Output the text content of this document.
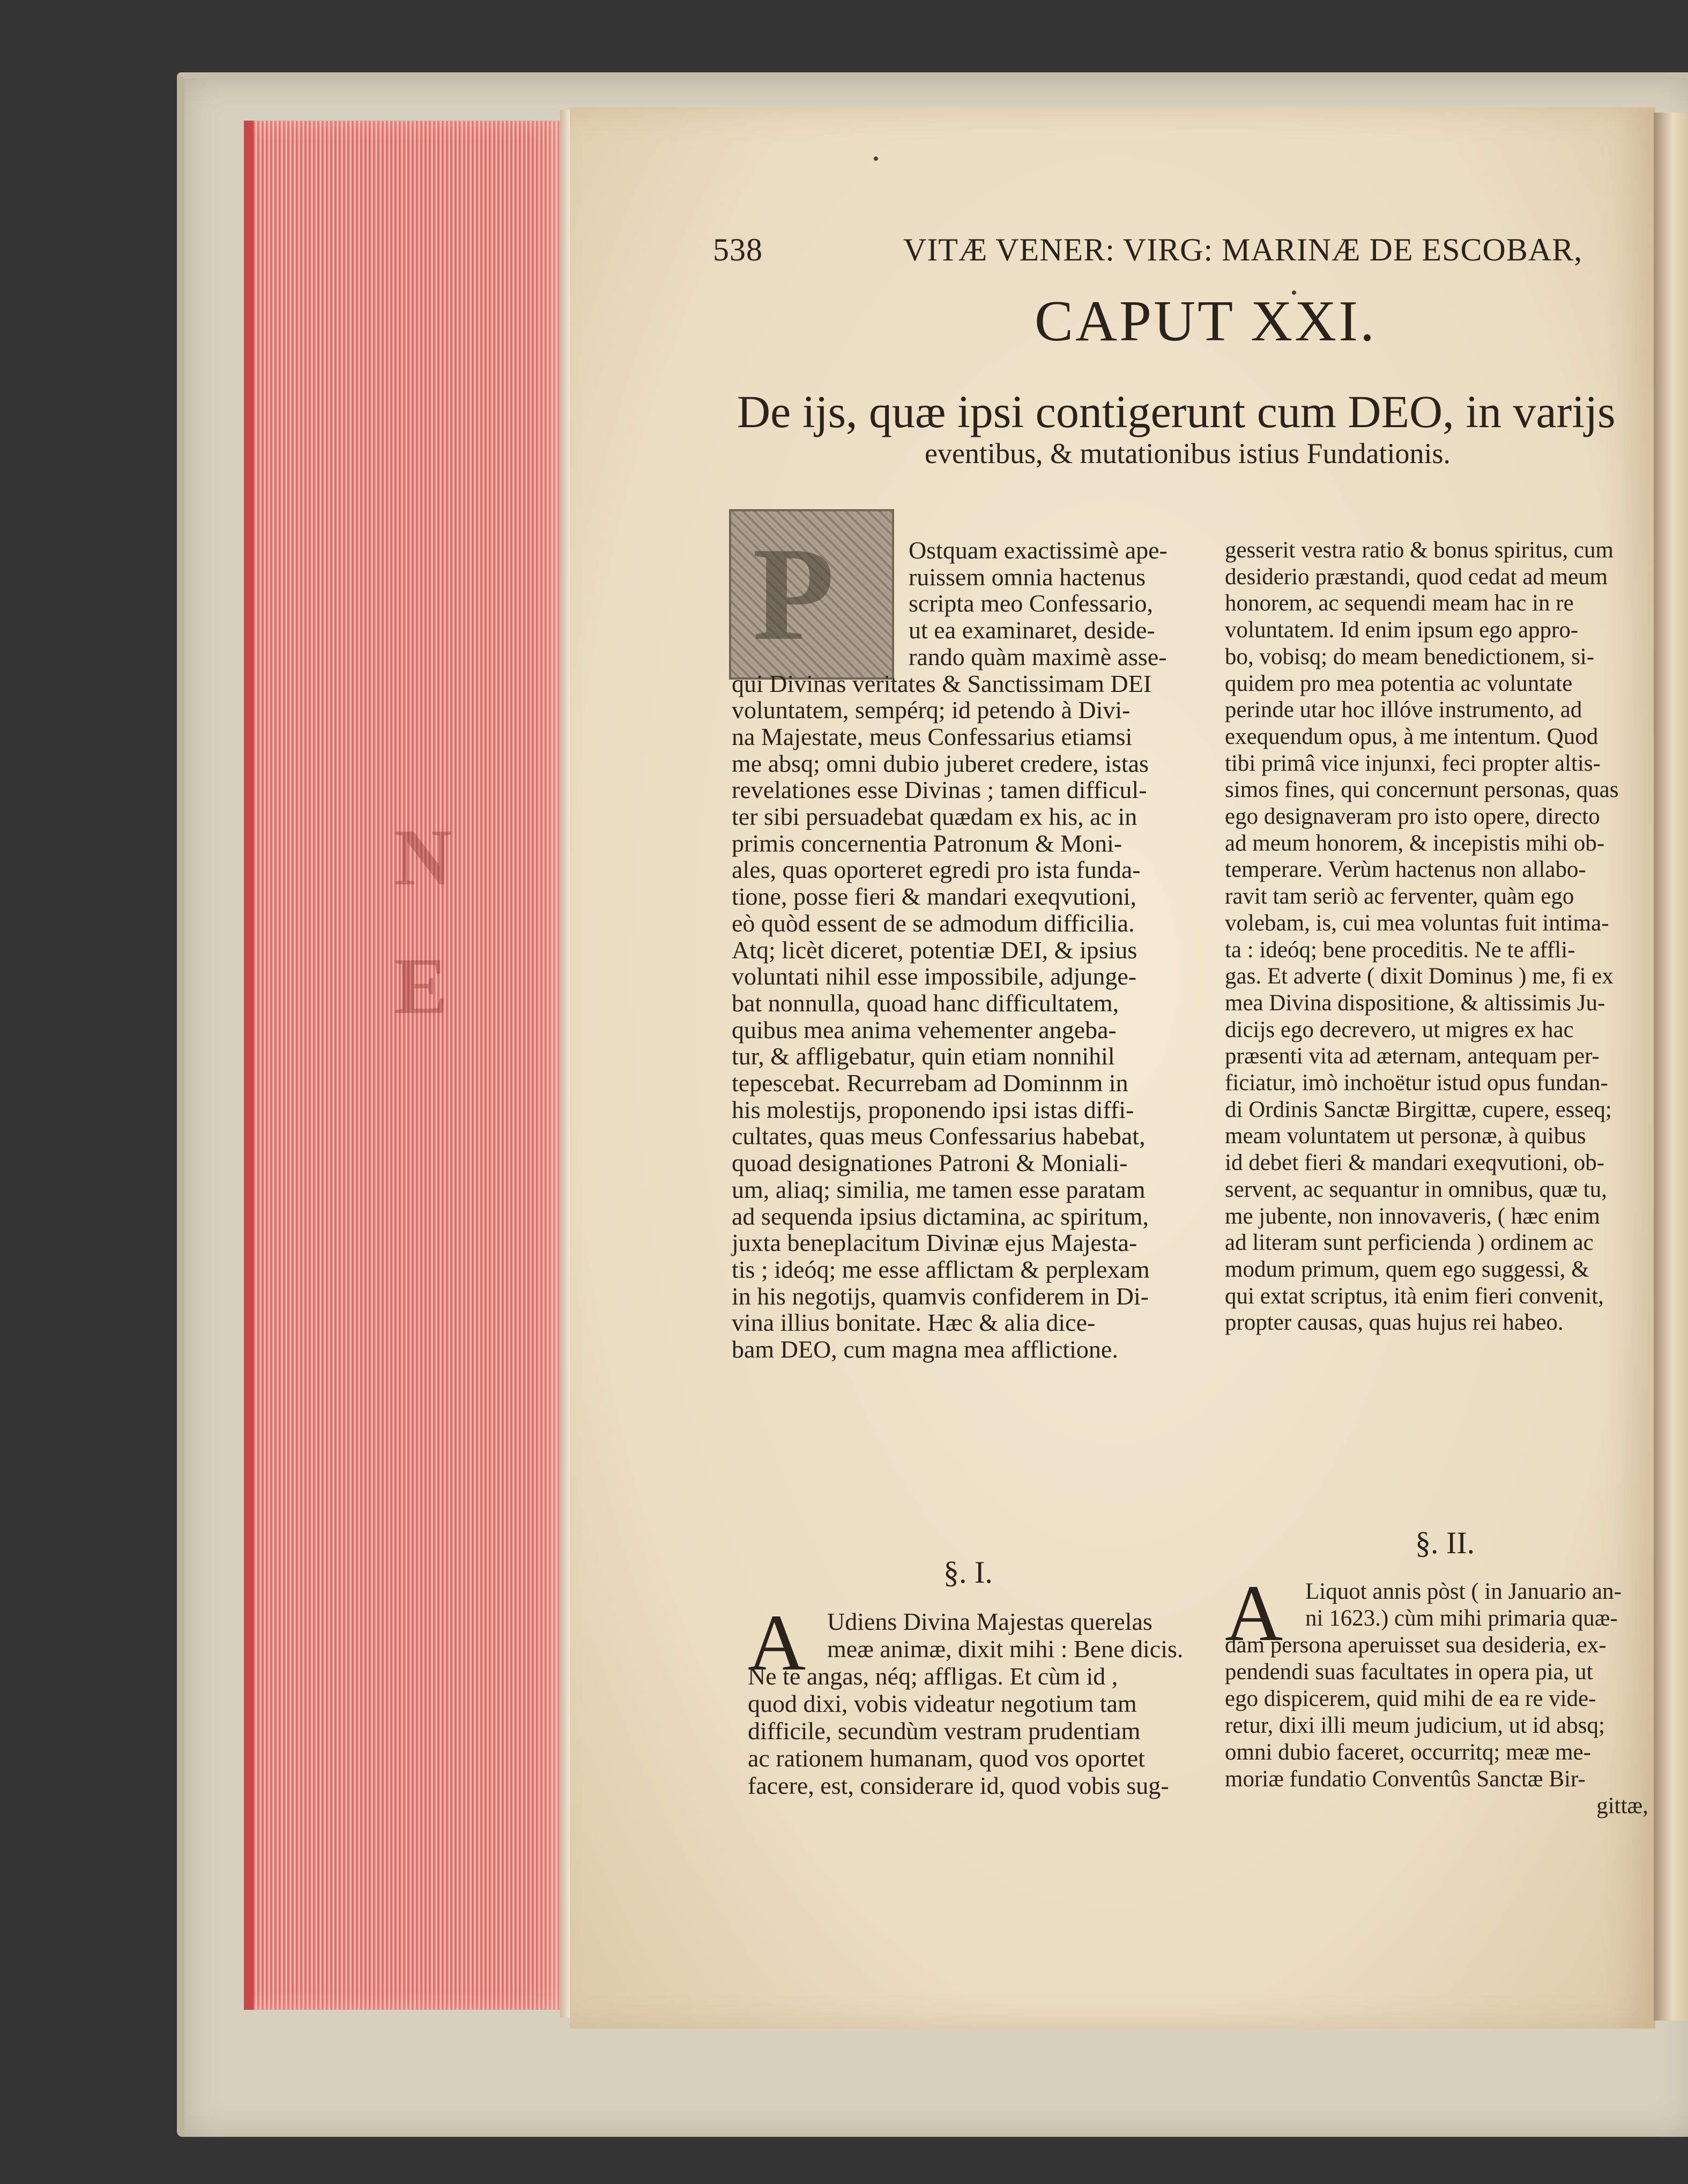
N
E
538	VITÆ VENER: VIRG: MARINÆ DE ESCOBAR,
CAPUT XXI.
De ijs, quæ ipsi contigerunt cum DEO, in varijs
eventibus, & mutationibus istius Fundationis.
P	Ostquam exactissimè ape-
ruissem omnia hactenus
scripta meo Confessario,
ut ea examinaret, deside-
rando quàm maximè asse-
qui Divinas veritates & Sanctissimam DEI
voluntatem, sempérq; id petendo à Divi-
na Majestate, meus Confessarius etiamsi
me absq; omni dubio juberet credere, istas
revelationes esse Divinas ; tamen difficul-
ter sibi persuadebat quædam ex his, ac in
primis concernentia Patronum & Moni-
ales, quas oporteret egredi pro ista funda-
tione, posse fieri & mandari exeqvutioni,
eò quòd essent de se admodum difficilia.
Atq; licèt diceret, potentiæ DEI, & ipsius
voluntati nihil esse impossibile, adjunge-
bat nonnulla, quoad hanc difficultatem,
quibus mea anima vehementer angeba-
tur, & affligebatur, quin etiam nonnihil
tepescebat. Recurrebam ad Dominnm in
his molestijs, proponendo ipsi istas diffi-
cultates, quas meus Confessarius habebat,
quoad designationes Patroni & Moniali-
um, aliaq; similia, me tamen esse paratam
ad sequenda ipsius dictamina, ac spiritum,
juxta beneplacitum Divinæ ejus Majesta-
tis ; ideóq; me esse afflictam & perplexam
in his negotijs, quamvis confiderem in Di-
vina illius bonitate. Hæc & alia dice-
bam DEO, cum magna mea afflictione.
gesserit vestra ratio & bonus spiritus, cum
desiderio præstandi, quod cedat ad meum
honorem, ac sequendi meam hac in re
voluntatem. Id enim ipsum ego appro-
bo, vobisq; do meam benedictionem, si-
quidem pro mea potentia ac voluntate
perinde utar hoc illóve instrumento, ad
exequendum opus, à me intentum. Quod
tibi primâ vice injunxi, feci propter altis-
simos fines, qui concernunt personas, quas
ego designaveram pro isto opere, directo
ad meum honorem, & incepistis mihi ob-
temperare. Verùm hactenus non allabo-
ravit tam seriò ac ferventer, quàm ego
volebam, is, cui mea voluntas fuit intima-
ta : ideóq; bene proceditis. Ne te affli-
gas. Et adverte ( dixit Dominus ) me, fi ex
mea Divina dispositione, & altissimis Ju-
dicijs ego decrevero, ut migres ex hac
præsenti vita ad æternam, antequam per-
ficiatur, imò inchoëtur istud opus fundan-
di Ordinis Sanctæ Birgittæ, cupere, esseq;
meam voluntatem ut personæ, à quibus
id debet fieri & mandari exeqvutioni, ob-
servent, ac sequantur in omnibus, quæ tu,
me jubente, non innovaveris, ( hæc enim
ad literam sunt perficienda ) ordinem ac
modum primum, quem ego suggessi, &
qui extat scriptus, ità enim fieri convenit,
propter causas, quas hujus rei habeo.
§. I.
A Udiens Divina Majestas querelas
meæ animæ, dixit mihi : Bene dicis.
Ne te angas, néq; affligas. Et cùm id ,
quod dixi, vobis videatur negotium tam
difficile, secundùm vestram prudentiam
ac rationem humanam, quod vos oportet
facere, est, considerare id, quod vobis sug-
§. II.
A Liquot annis pòst ( in Januario an-
ni 1623.) cùm mihi primaria quæ-
dam persona aperuisset sua desideria, ex-
pendendi suas facultates in opera pia, ut
ego dispicerem, quid mihi de ea re vide-
retur, dixi illi meum judicium, ut id absq;
omni dubio faceret, occurritq; meæ me-
moriæ fundatio Conventûs Sanctæ Bir-
gittæ,
